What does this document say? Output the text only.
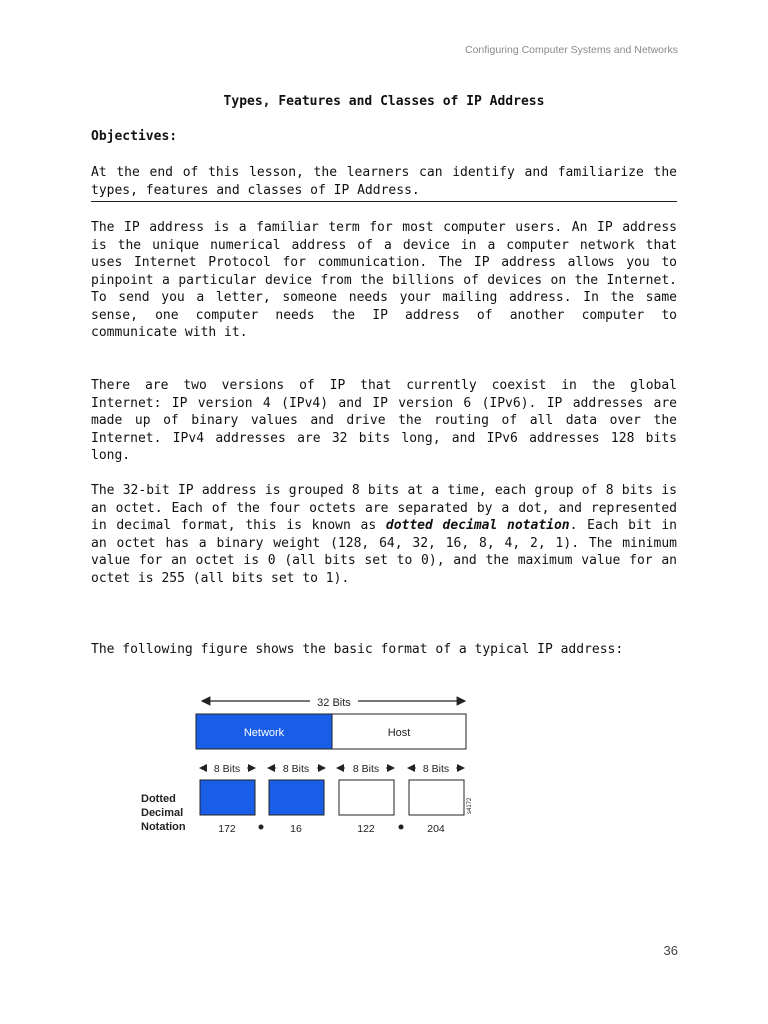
Configuring Computer Systems and Networks
Types, Features and Classes of IP Address
Objectives:

At the end of this lesson, the learners can identify and familiarize the types, features and classes of IP Address.

The IP address is a familiar term for most computer users. An IP address is the unique numerical address of a device in a computer network that uses Internet Protocol for communication. The IP address allows you to pinpoint a particular device from the billions of devices on the Internet. To send you a letter, someone needs your mailing address. In the same sense, one computer needs the IP address of another computer to communicate with it.

There are two versions of IP that currently coexist in the global Internet: IP version 4 (IPv4) and IP version 6 (IPv6). IP addresses are made up of binary values and drive the routing of all data over the Internet. IPv4 addresses are 32 bits long, and IPv6 addresses 128 bits long.

The 32-bit IP address is grouped 8 bits at a time, each group of 8 bits is an octet. Each of the four octets are separated by a dot, and represented in decimal format, this is known as dotted decimal notation. Each bit in an octet has a binary weight (128, 64, 32, 16, 8, 4, 2, 1). The minimum value for an octet is 0 (all bits set to 0), and the maximum value for an octet is 255 (all bits set to 1).

The following figure shows the basic format of a typical IP address:

32 Bits
Network	Host
8 Bits	8 Bits	8 Bits	8 Bits
Dotted
Decimal
Notation
s4172
172	16	122	204
36
